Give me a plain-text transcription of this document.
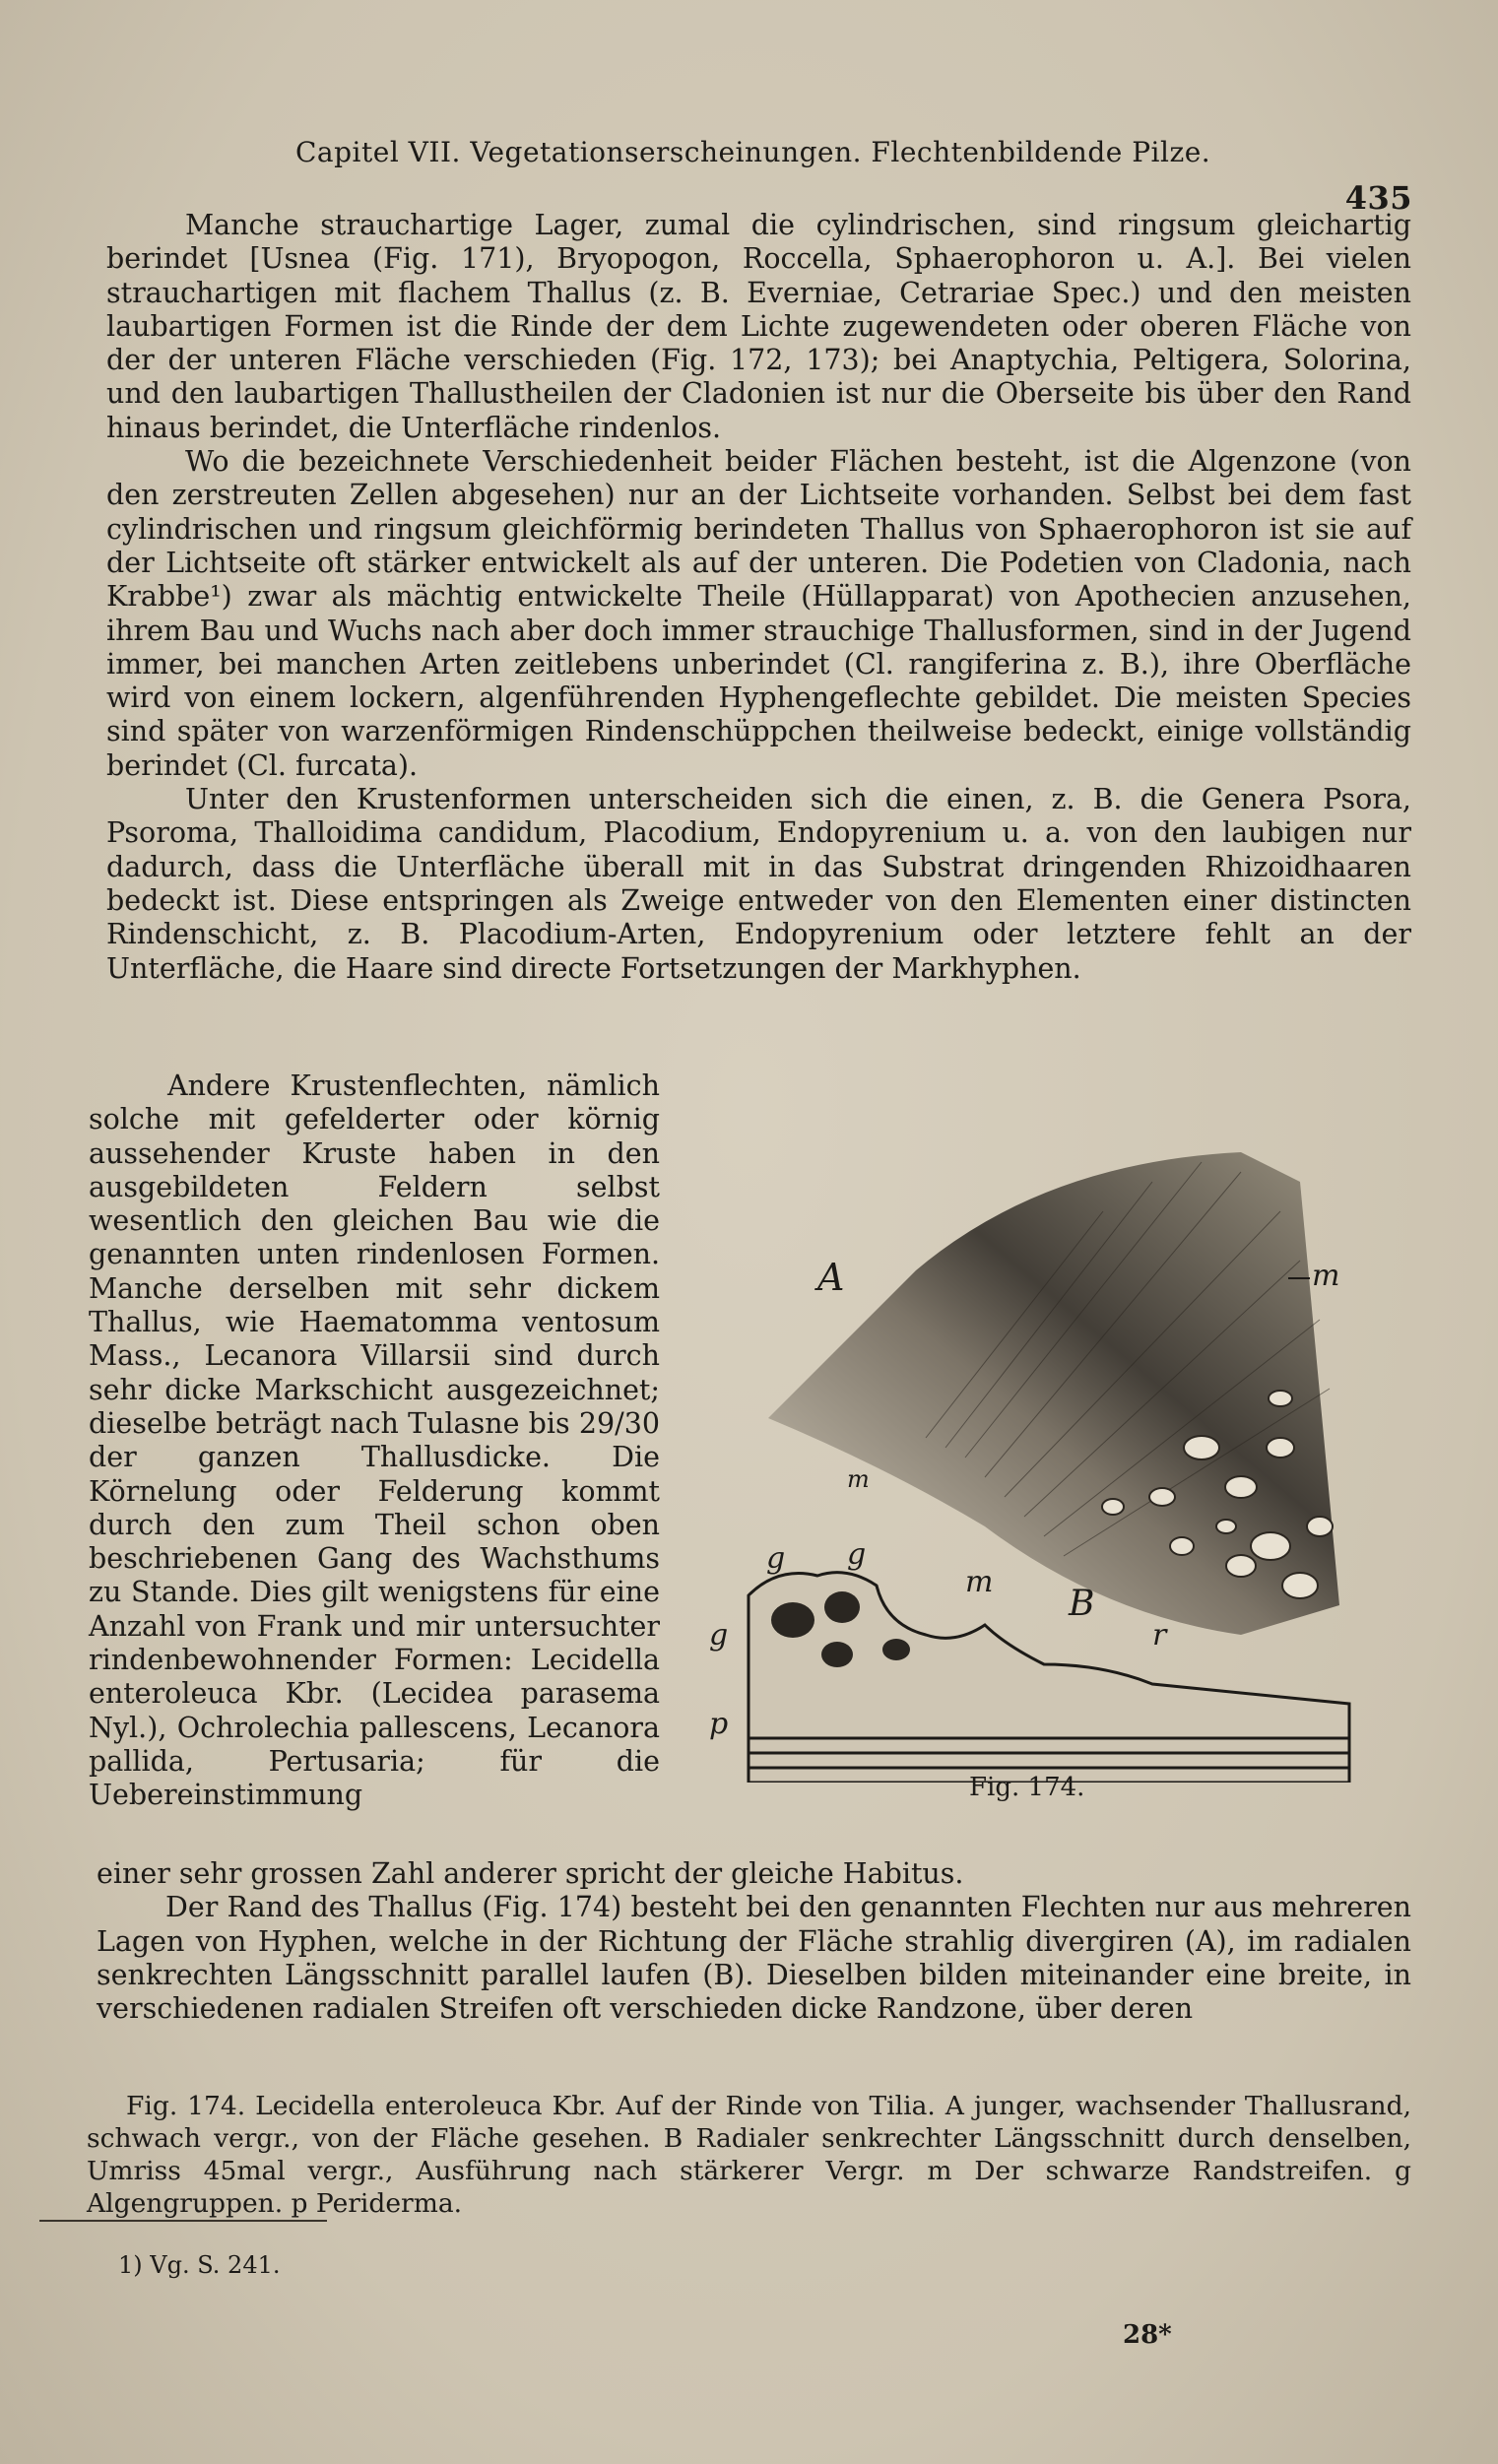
Capitel VII. Vegetationserscheinungen. Flechtenbildende Pilze.
435

Manche strauchartige Lager, zumal die cylindrischen, sind ringsum gleichartig berindet [Usnea (Fig. 171), Bryopogon, Roccella, Sphaerophoron u. A.]. Bei vielen strauchartigen mit flachem Thallus (z. B. Everniae, Cetrariae Spec.) und den meisten laubartigen Formen ist die Rinde der dem Lichte zugewendeten oder oberen Fläche von der der unteren Fläche verschieden (Fig. 172, 173); bei Anaptychia, Peltigera, Solorina, und den laubartigen Thallustheilen der Cladonien ist nur die Oberseite bis über den Rand hinaus berindet, die Unterfläche rindenlos.

Wo die bezeichnete Verschiedenheit beider Flächen besteht, ist die Algenzone (von den zerstreuten Zellen abgesehen) nur an der Lichtseite vorhanden. Selbst bei dem fast cylindrischen und ringsum gleichförmig berindeten Thallus von Sphaerophoron ist sie auf der Lichtseite oft stärker entwickelt als auf der unteren. Die Podetien von Cladonia, nach Krabbe¹) zwar als mächtig entwickelte Theile (Hüllapparat) von Apothecien anzusehen, ihrem Bau und Wuchs nach aber doch immer strauchige Thallusformen, sind in der Jugend immer, bei manchen Arten zeitlebens unberindet (Cl. rangiferina z. B.), ihre Oberfläche wird von einem lockern, algenführenden Hyphengeflechte gebildet. Die meisten Species sind später von warzenförmigen Rindenschüppchen theilweise bedeckt, einige vollständig berindet (Cl. furcata).

Unter den Krustenformen unterscheiden sich die einen, z. B. die Genera Psora, Psoroma, Thalloidima candidum, Placodium, Endopyrenium u. a. von den laubigen nur dadurch, dass die Unterfläche überall mit in das Substrat dringenden Rhizoidhaaren bedeckt ist. Diese entspringen als Zweige entweder von den Elementen einer distincten Rindenschicht, z. B. Placodium-Arten, Endopyrenium oder letztere fehlt an der Unterfläche, die Haare sind directe Fortsetzungen der Markhyphen.

Andere Krustenflechten, nämlich solche mit gefelderter oder körnig aussehender Kruste haben in den ausgebildeten Feldern selbst wesentlich den gleichen Bau wie die genannten unten rindenlosen Formen. Manche derselben mit sehr dickem Thallus, wie Haematomma ventosum Mass., Lecanora Villarsii sind durch sehr dicke Markschicht ausgezeichnet; dieselbe beträgt nach Tulasne bis 29/30 der ganzen Thallusdicke. Die Körnelung oder Felderung kommt durch den zum Theil schon oben beschriebenen Gang des Wachsthums zu Stande. Dies gilt wenigstens für eine Anzahl von Frank und mir untersuchter rindenbewohnender Formen: Lecidella enteroleuca Kbr. (Lecidea parasema Nyl.), Ochrolechia pallescens, Lecanora pallida, Pertusaria; für die Uebereinstimmung

A	m
m
g g
g
m
B
r
p
Fig. 174.

einer sehr grossen Zahl anderer spricht der gleiche Habitus.

Der Rand des Thallus (Fig. 174) besteht bei den genannten Flechten nur aus mehreren Lagen von Hyphen, welche in der Richtung der Fläche strahlig divergiren (A), im radialen senkrechten Längsschnitt parallel laufen (B). Dieselben bilden miteinander eine breite, in verschiedenen radialen Streifen oft verschieden dicke Randzone, über deren

Fig. 174. Lecidella enteroleuca Kbr. Auf der Rinde von Tilia. A junger, wachsender Thallusrand, schwach vergr., von der Fläche gesehen. B Radialer senkrechter Längsschnitt durch denselben, Umriss 45mal vergr., Ausführung nach stärkerer Vergr. m Der schwarze Randstreifen. g Algengruppen. p Periderma.

1) Vg. S. 241.
28*
